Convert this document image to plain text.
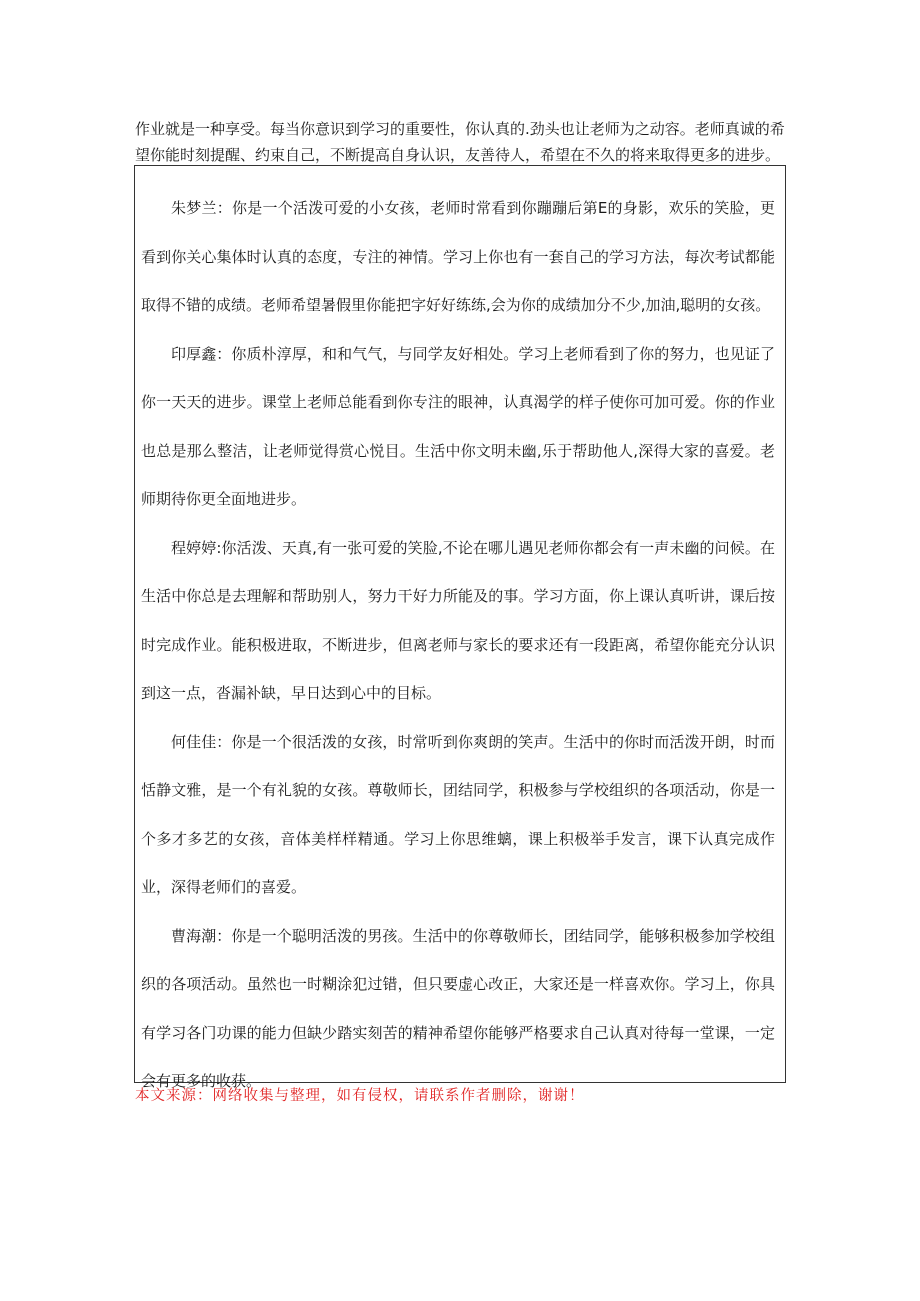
作业就是一种享受。每当你意识到学习的重要性，你认真的.劲头也让老师为之动容。老师真诚的希望你能时刻提醒、约束自己，不断提高自身认识，友善待人，希望在不久的将来取得更多的进步。

朱梦兰：你是一个活泼可爱的小女孩，老师时常看到你蹦蹦后第E的身影，欢乐的笑脸，更看到你关心集体时认真的态度，专注的神情。学习上你也有一套自己的学习方法，每次考试都能取得不错的成绩。老师希望暑假里你能把字好好练练,会为你的成绩加分不少,加油,聪明的女孩。

印厚鑫：你质朴淳厚，和和气气，与同学友好相处。学习上老师看到了你的努力，也见证了你一天天的进步。课堂上老师总能看到你专注的眼神，认真渴学的样子使你可加可爱。你的作业也总是那么整洁，让老师觉得赏心悦目。生活中你文明未幽,乐于帮助他人,深得大家的喜爱。老师期待你更全面地进步。

程婷婷:你活泼、天真,有一张可爱的笑脸,不论在哪儿遇见老师你都会有一声未幽的问候。在生活中你总是去理解和帮助别人，努力干好力所能及的事。学习方面，你上课认真听讲，课后按时完成作业。能积极进取，不断进步，但离老师与家长的要求还有一段距离，希望你能充分认识到这一点，沓漏补缺，早日达到心中的目标。

何佳佳：你是一个很活泼的女孩，时常听到你爽朗的笑声。生活中的你时而活泼开朗，时而恬静文雅，是一个有礼貌的女孩。尊敬师长，团结同学，积极参与学校组织的各项活动，你是一个多才多艺的女孩，音体美样样精通。学习上你思维螭，课上积极举手发言，课下认真完成作业，深得老师们的喜爱。

曹海潮：你是一个聪明活泼的男孩。生活中的你尊敬师长，团结同学，能够积极参加学校组织的各项活动。虽然也一时糊涂犯过错，但只要虚心改正，大家还是一样喜欢你。学习上，你具有学习各门功课的能力但缺少踏实刻苦的精神希望你能够严格要求自己认真对待每一堂课，一定会有更多的收获。

本文来源：网络收集与整理，如有侵权，请联系作者删除，谢谢！
